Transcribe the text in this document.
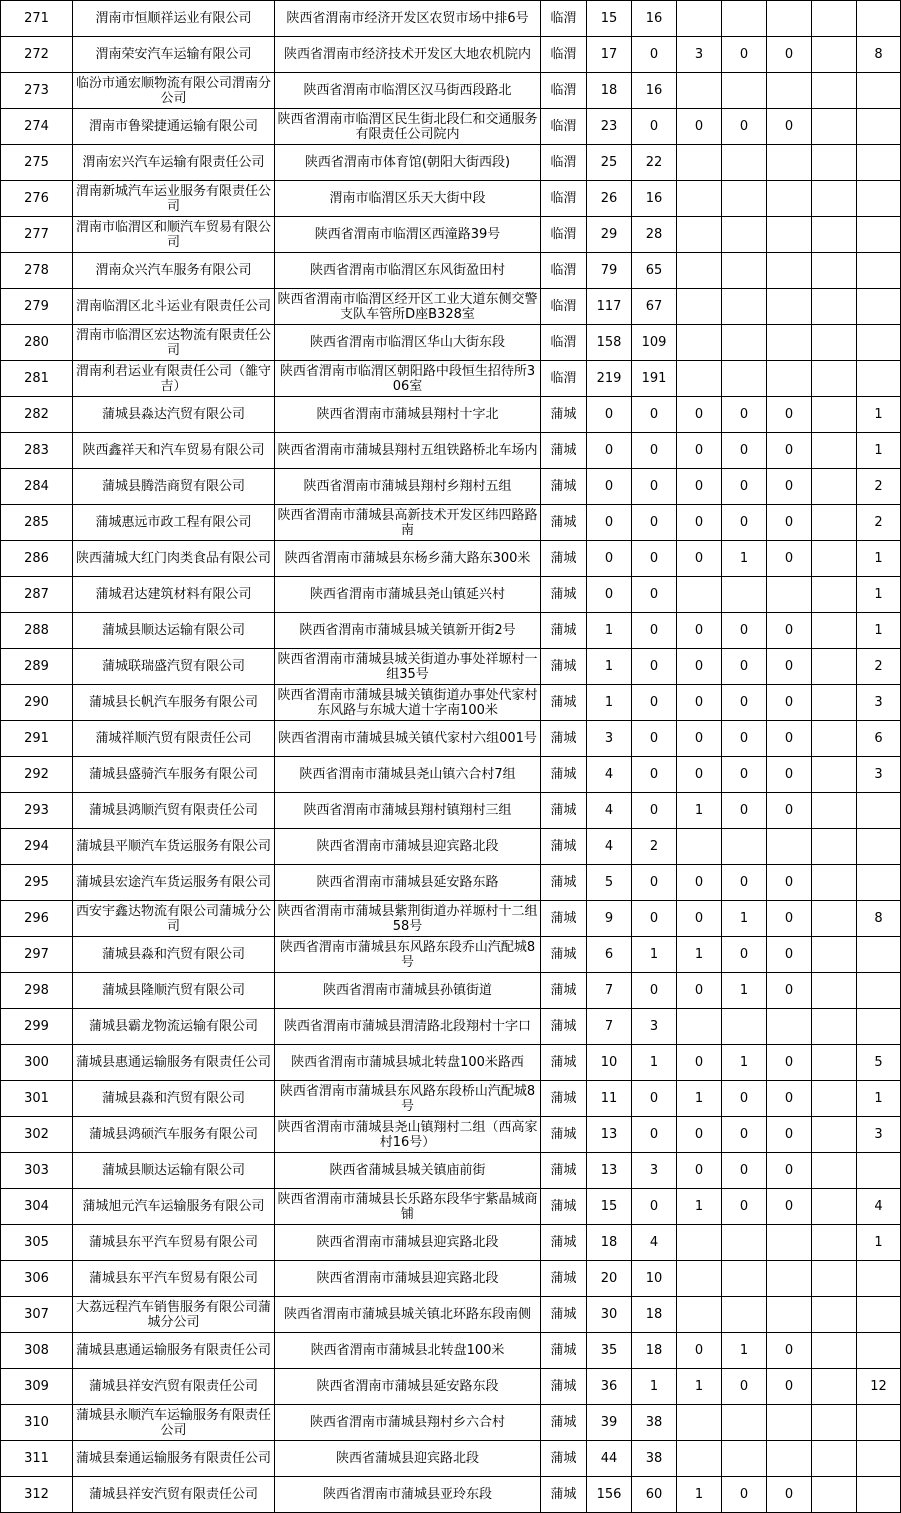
271	渭南市恒顺祥运业有限公司	陕西省渭南市经济开发区农贸市场中排6号	临渭	15	16					
272	渭南荣安汽车运输有限公司	陕西省渭南市经济技术开发区大地农机院内	临渭	17	0	3	0	0		8
273	临汾市通宏顺物流有限公司渭南分公司	陕西省渭南市临渭区汉马街西段路北	临渭	18	16					
274	渭南市鲁梁捷通运输有限公司	陕西省渭南市临渭区民生街北段仁和交通服务有限责任公司院内	临渭	23	0	0	0	0		
275	渭南宏兴汽车运输有限责任公司	陕西省渭南市体育馆(朝阳大街西段)	临渭	25	22					
276	渭南新城汽车运业服务有限责任公司	渭南市临渭区乐天大街中段	临渭	26	16					
277	渭南市临渭区和顺汽车贸易有限公司	陕西省渭南市临渭区西潼路39号	临渭	29	28					
278	渭南众兴汽车服务有限公司	陕西省渭南市临渭区东风街盈田村	临渭	79	65					
279	渭南临渭区北斗运业有限责任公司	陕西省渭南市临渭区经开区工业大道东侧交警支队车管所D座B328室	临渭	117	67					
280	渭南市临渭区宏达物流有限责任公司	陕西省渭南市临渭区华山大街东段	临渭	158	109					
281	渭南利君运业有限责任公司（雒守吉）	陕西省渭南市临渭区朝阳路中段恒生招待所306室	临渭	219	191					
282	蒲城县淼达汽贸有限公司	陕西省渭南市蒲城县翔村十字北	蒲城	0	0	0	0	0		1
283	陕西鑫祥天和汽车贸易有限公司	陕西省渭南市蒲城县翔村五组铁路桥北车场内	蒲城	0	0	0	0	0		1
284	蒲城县腾浩商贸有限公司	陕西省渭南市蒲城县翔村乡翔村五组	蒲城	0	0	0	0	0		2
285	蒲城惠远市政工程有限公司	陕西省渭南市蒲城县高新技术开发区纬四路路南	蒲城	0	0	0	0	0		2
286	陕西蒲城大红门肉类食品有限公司	陕西省渭南市蒲城县东杨乡蒲大路东300米	蒲城	0	0	0	1	0		1
287	蒲城君达建筑材料有限公司	陕西省渭南市蒲城县尧山镇延兴村	蒲城	0	0					1
288	蒲城县顺达运输有限公司	陕西省渭南市蒲城县城关镇新开街2号	蒲城	1	0	0	0	0		1
289	蒲城联瑞盛汽贸有限公司	陕西省渭南市蒲城县城关街道办事处祥塬村一组35号	蒲城	1	0	0	0	0		2
290	蒲城县长帆汽车服务有限公司	陕西省渭南市蒲城县城关镇街道办事处代家村东风路与东城大道十字南100米	蒲城	1	0	0	0	0		3
291	蒲城祥顺汽贸有限责任公司	陕西省渭南市蒲城县城关镇代家村六组001号	蒲城	3	0	0	0	0		6
292	蒲城县盛骑汽车服务有限公司	陕西省渭南市蒲城县尧山镇六合村7组	蒲城	4	0	0	0	0		3
293	蒲城县鸿顺汽贸有限责任公司	陕西省渭南市蒲城县翔村镇翔村三组	蒲城	4	0	1	0	0		
294	蒲城县平顺汽车货运服务有限公司	陕西省渭南市蒲城县迎宾路北段	蒲城	4	2					
295	蒲城县宏途汽车货运服务有限公司	陕西省渭南市蒲城县延安路东路	蒲城	5	0	0	0	0		
296	西安宇鑫达物流有限公司蒲城分公司	陕西省渭南市蒲城县紫荆街道办祥塬村十二组58号	蒲城	9	0	0	1	0		8
297	蒲城县淼和汽贸有限公司	陕西省渭南市蒲城县东风路东段乔山汽配城8号	蒲城	6	1	1	0	0		
298	蒲城县隆顺汽贸有限公司	陕西省渭南市蒲城县孙镇街道	蒲城	7	0	0	1	0		
299	蒲城县霸龙物流运输有限公司	陕西省渭南市蒲城县渭清路北段翔村十字口	蒲城	7	3					
300	蒲城县惠通运输服务有限责任公司	陕西省渭南市蒲城县城北转盘100米路西	蒲城	10	1	0	1	0		5
301	蒲城县淼和汽贸有限公司	陕西省渭南市蒲城县东风路东段桥山汽配城8号	蒲城	11	0	1	0	0		1
302	蒲城县鸿硕汽车服务有限公司	陕西省渭南市蒲城县尧山镇翔村二组（西高家村16号）	蒲城	13	0	0	0	0		3
303	蒲城县顺达运输有限公司	陕西省蒲城县城关镇庙前街	蒲城	13	3	0	0	0		
304	蒲城旭元汽车运输服务有限公司	陕西省渭南市蒲城县长乐路东段华宇紫晶城商铺	蒲城	15	0	1	0	0		4
305	蒲城县东平汽车贸易有限公司	陕西省渭南市蒲城县迎宾路北段	蒲城	18	4					1
306	蒲城县东平汽车贸易有限公司	陕西省渭南市蒲城县迎宾路北段	蒲城	20	10					
307	大荔远程汽车销售服务有限公司蒲城分公司	陕西省渭南市蒲城县城关镇北环路东段南侧	蒲城	30	18					
308	蒲城县惠通运输服务有限责任公司	陕西省渭南市蒲城县北转盘100米	蒲城	35	18	0	1	0		
309	蒲城县祥安汽贸有限责任公司	陕西省渭南市蒲城县延安路东段	蒲城	36	1	1	0	0		12
310	蒲城县永顺汽车运输服务有限责任公司	陕西省渭南市蒲城县翔村乡六合村	蒲城	39	38					
311	蒲城县秦通运输服务有限责任公司	陕西省蒲城县迎宾路北段	蒲城	44	38					
312	蒲城县祥安汽贸有限责任公司	陕西省渭南市蒲城县亚玲东段	蒲城	156	60	1	0	0		
